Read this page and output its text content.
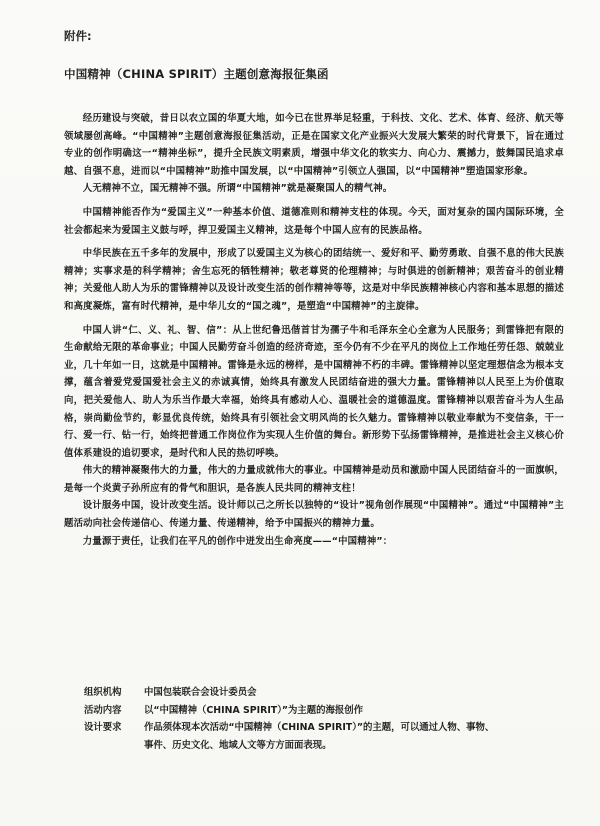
附件:
中国精神（CHINA SPIRIT）主题创意海报征集函

经历建设与突破，昔日以农立国的华夏大地，如今已在世界举足轻重，于科技、文化、艺术、体育、经济、航天等领域屡创高峰。“中国精神”主题创意海报征集活动，正是在国家文化产业振兴大发展大繁荣的时代背景下，旨在通过专业的创作明确这一“精神坐标”，提升全民族文明素质，增强中华文化的软实力、向心力、震撼力，鼓舞国民追求卓越、自强不息，进而以“中国精神”助推中国发展，以“中国精神”引领立人强国，以“中国精神”塑造国家形象。

人无精神不立，国无精神不强。所谓“中国精神”就是凝聚国人的精气神。

中国精神能否作为“爱国主义”一种基本价值、道德准则和精神支柱的体现。今天，面对复杂的国内国际环境，全社会都起来为爱国主义鼓与呼，捍卫爱国主义精神，这是每个中国人应有的民族品格。

中华民族在五千多年的发展中，形成了以爱国主义为核心的团结统一、爱好和平、勤劳勇敢、自强不息的伟大民族精神；实事求是的科学精神；舍生忘死的牺牲精神；敬老尊贤的伦理精神；与时俱进的创新精神；艰苦奋斗的创业精神；关爱他人助人为乐的雷锋精神以及设计改变生活的创作精神等等，这是对中华民族精神核心内容和基本思想的描述和高度凝炼，富有时代精神，是中华儿女的“国之魂”，是塑造“中国精神”的主旋律。

中国人讲“仁、义、礼、智、信”：从上世纪鲁迅偕首甘为孺子牛和毛泽东全心全意为人民服务；到雷锋把有限的生命献给无限的革命事业；中国人民勤劳奋斗创造的经济奇迹，至今仍有不少在平凡的岗位上工作地任劳任怨、兢兢业业，几十年如一日，这就是中国精神。雷锋是永远的榜样，是中国精神不朽的丰碑。雷锋精神以坚定理想信念为根本支撑，蕴含着爱党爱国爱社会主义的赤诚真情，始终具有激发人民团结奋进的强大力量。雷锋精神以人民至上为价值取向，把关爱他人、助人为乐当作最大幸福，始终具有感动人心、温暖社会的道德温度。雷锋精神以艰苦奋斗为人生品格，崇尚勤俭节约，彰显优良传统，始终具有引领社会文明风尚的长久魅力。雷锋精神以敬业奉献为不变信条，干一行、爱一行、钻一行，始终把普通工作岗位作为实现人生价值的舞台。新形势下弘扬雷锋精神，是推进社会主义核心价值体系建设的追切要求，是时代和人民的热切呼唤。

伟大的精神凝聚伟大的力量，伟大的力量成就伟大的事业。中国精神是动员和激励中国人民团结奋斗的一面旗帜，是每一个炎黄子孙所应有的骨气和胆识，是各族人民共同的精神支柱！

设计服务中国，设计改变生活。设计师以己之所长以独特的“设计”视角创作展现“中国精神”。通过“中国精神”主题活动向社会传递信心、传递力量、传递精神，给予中国振兴的精神力量。

力量源于责任，让我们在平凡的创作中迸发出生命亮度——“中国精神”：

组织机构	中国包装联合会设计委员会
活动内容	以“中国精神（CHINA SPIRIT）”为主题的海报创作
设计要求	作品须体现本次活动“中国精神（CHINA SPIRIT）”的主题，可以通过人物、事物、
事件、历史文化、地域人文等方方面面表现。
